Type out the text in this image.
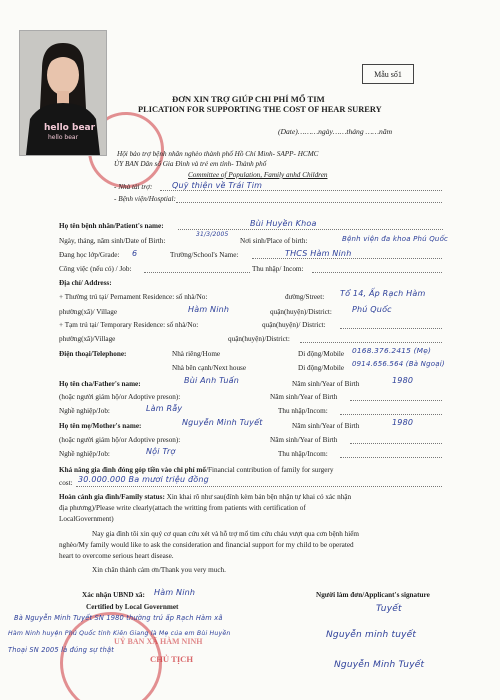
hello bear
hello bear
Mẫu số1
ĐƠN XIN TRỢ GIÚP CHI PHÍ MỔ TIM
PLICATION FOR SUPPORTING THE COST OF HEAR SURERY
(Date)………ngày……tháng ……năm
Hội bảo trợ bệnh nhân nghèo thành phố Hồ Chí Minh- SAPP- HCMC
ỦY BAN Dân số Gia Đình và trẻ em tỉnh- Thành phố
Committee of Population, Family anhd Children
- Nhà tài trợ: Quỹ thiện về Trái Tim
- Bệnh viện/Hosptial:
Họ tên bệnh nhân/Patient's name:	Bùi Huyền Khoa
Ngày, tháng, năm sinh/Date of Birth:
31/3/2005
Nơi sinh/Place of birth:	Bệnh viện đa khoa Phú Quốc
Đang học lớp/Grade: 6	Trường/School's Name:	THCS Hàm Ninh
Công việc (nếu có) / Job:	Thu nhập/ Incom:
Địa chỉ/ Address:
+ Thường trú tại/ Pernament Residence: số nhà/No:	đường/Street: Tổ 14, Ấp Rạch Hàm
phường(xã)/ Village	Hàm Ninh	quận(huyện)/District:	Phú Quốc
+ Tạm trú tại/ Temporary Residence: số nhà/No:	quận(huyện)/ District:
phường(xã)/Village	quận(huyện)/District:
Điện thoại/Telephone:	Nhà riêng/Home	Di động/Mobile 0168.376.2415 (Mẹ)
Nhà bên cạnh/Next house	Di động/Mobile 0914.656.564 (Bà Ngoại)
Họ tên cha/Father's name:	Bùi Anh Tuấn	Năm sinh/Year of Birth	1980
(hoặc người giám hộ/or Adoptive preson):	Năm sinh/Year of Birth
Nghề nghiệp/Job:	Làm Rẫy	Thu nhập/Incom:
Họ tên mẹ/Mother's name:	Nguyễn Minh Tuyết	Năm sinh/Year of Birth	1980
(hoặc người giám hộ/or Adoptive preson):	Năm sinh/Year of Birth
Nghề nghiệp/Job:	Nội Trợ	Thu nhập/Incom:
Khả năng gia đình đóng góp tiền vào chi phí mổ/Financial contribution of family for surgery
cost: 30.000.000 Ba mươi triệu đồng
Hoàn cảnh gia đình/Family status: Xin khai rõ như sau(đính kèm bản bện nhận tự khai có xác nhận
địa phương)/Please write clearly(attach the writting from patients with certification of
LocalGovernment)
Nay gia đình tôi xin quý cơ quan cứu xét và hỗ trợ mổ tim cứu cháu vượt qua cơn bệnh hiểm
nghèo/My family would like to ask the consideration and financial support for my child to be operated
heart to overcome serious heart disease.
Xin chân thành cảm ơn/Thank you very much.
Xác nhận UBND xã: Hàm Ninh
Certified by Local Governmet
Người làm đơn/Applicant's signature
Bà Nguyễn Minh Tuyết SN 1980 thường trú ấp Rạch Hàm xã
Hàm Ninh huyện Phú Quốc tỉnh Kiên Giang là Mẹ của em Bùi Huyền
Thoại SN 2005 là đúng sự thật
UỶ BAN XÃ HÀM NINH
CHỦ TỊCH
Tuyết
Nguyễn minh tuyết
Nguyễn Minh Tuyết
